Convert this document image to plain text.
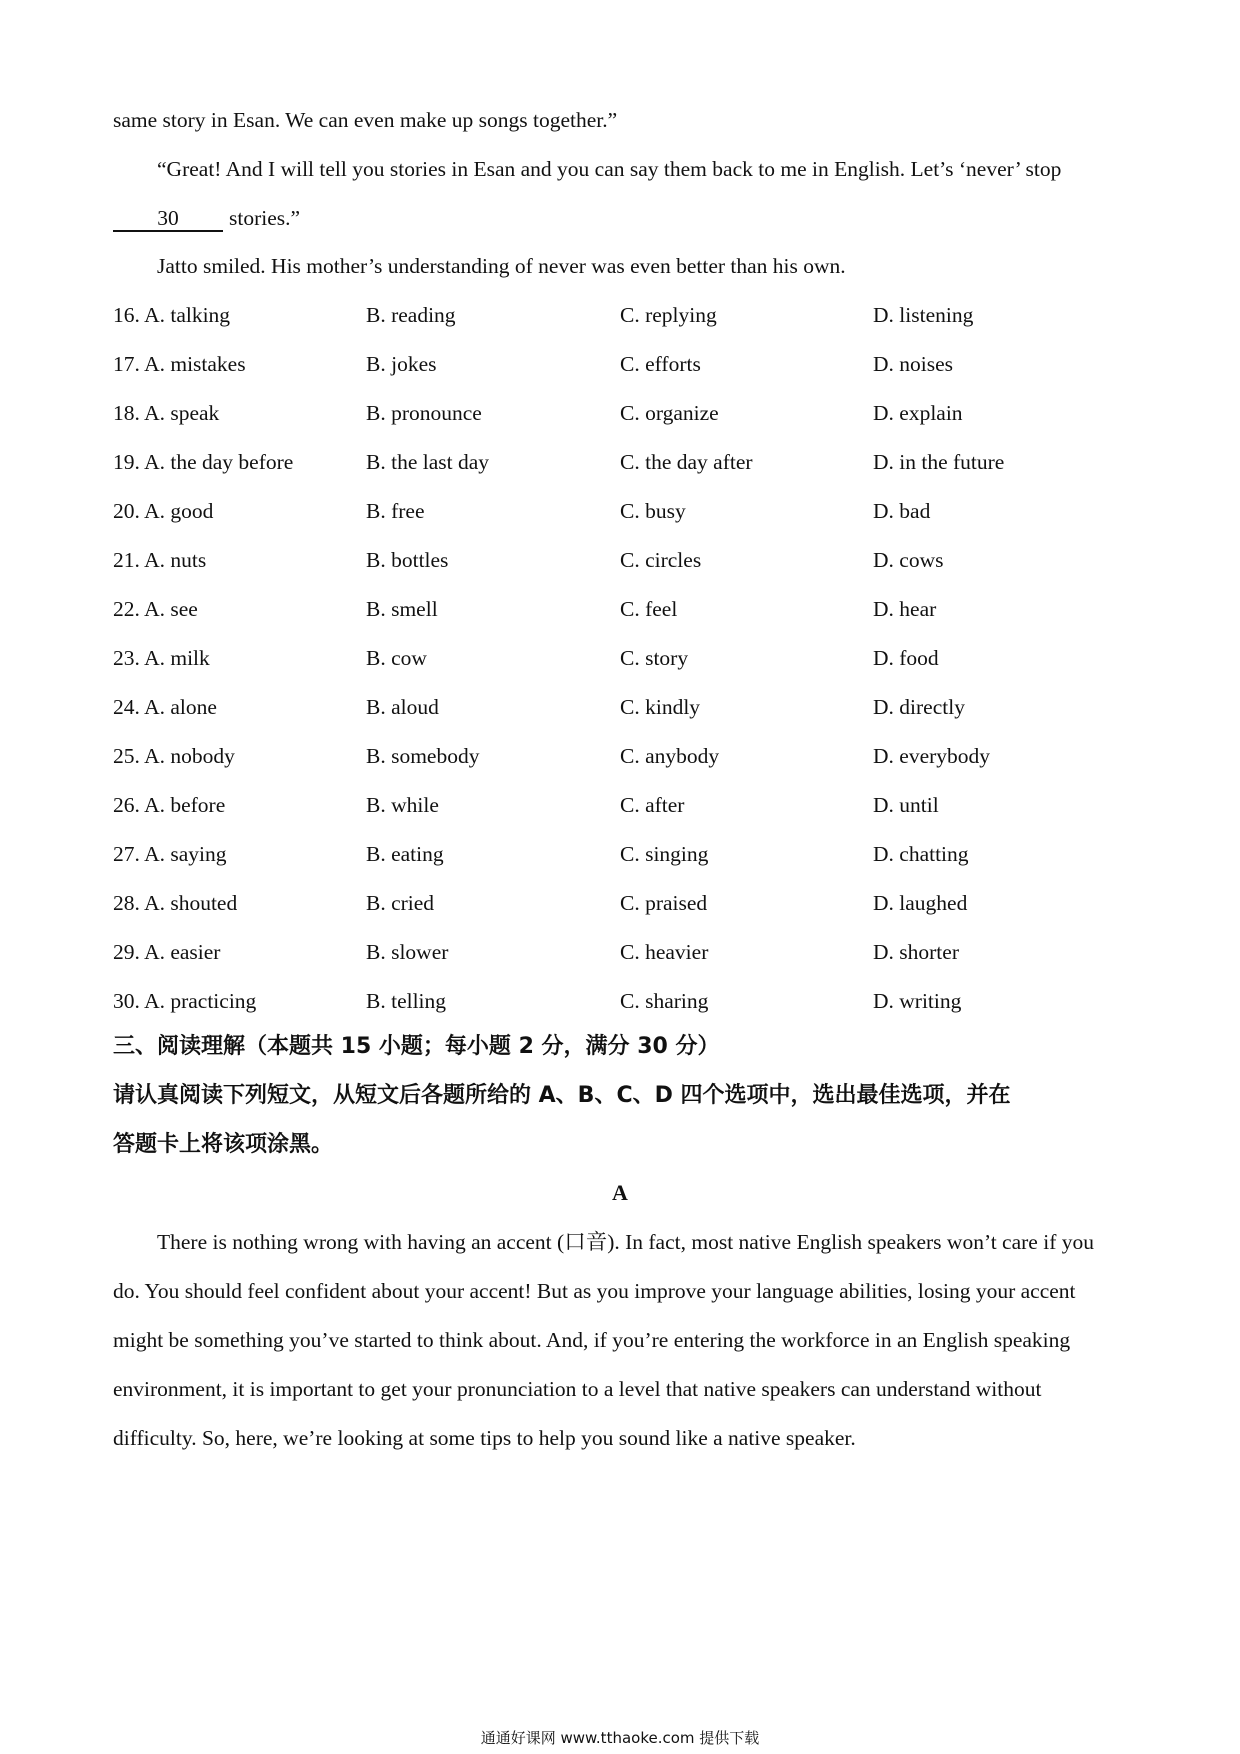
same story in Esan. We can even make up songs together.”
“Great! And I will tell you stories in Esan and you can say them back to me in English. Let’s ‘never’ stop
30 stories.”
Jatto smiled. His mother’s understanding of never was even better than his own.
16. A. talking	B. reading	C. replying	D. listening
17. A. mistakes	B. jokes	C. efforts	D. noises
18. A. speak	B. pronounce	C. organize	D. explain
19. A. the day before	B. the last day	C. the day after	D. in the future
20. A. good	B. free	C. busy	D. bad
21. A. nuts	B. bottles	C. circles	D. cows
22. A. see	B. smell	C. feel	D. hear
23. A. milk	B. cow	C. story	D. food
24. A. alone	B. aloud	C. kindly	D. directly
25. A. nobody	B. somebody	C. anybody	D. everybody
26. A. before	B. while	C. after	D. until
27. A. saying	B. eating	C. singing	D. chatting
28. A. shouted	B. cried	C. praised	D. laughed
29. A. easier	B. slower	C. heavier	D. shorter
30. A. practicing	B. telling	C. sharing	D. writing
三、阅读理解（本题共 15 小题；每小题 2 分，满分 30 分）
请认真阅读下列短文，从短文后各题所给的 A、B、C、D 四个选项中，选出最佳选项，并在
答题卡上将该项涂黑。
A
There is nothing wrong with having an accent (口音). In fact, most native English speakers won’t care if you
do. You should feel confident about your accent! But as you improve your language abilities, losing your accent
might be something you’ve started to think about. And, if you’re entering the workforce in an English speaking
environment, it is important to get your pronunciation to a level that native speakers can understand without
difficulty. So, here, we’re looking at some tips to help you sound like a native speaker.
通通好课网 www.tthaoke.com 提供下载
